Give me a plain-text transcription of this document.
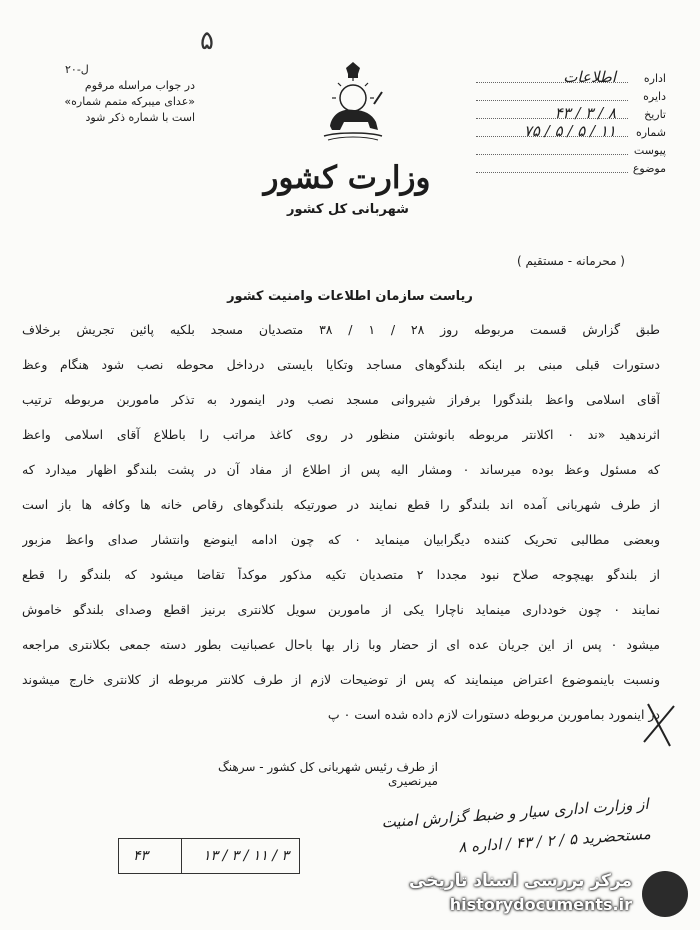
۵
ل-۲۰
در جواب مراسله مرقوم
«عدای میبرکه متمم شماره»
است با شماره ذکر شود
اداره
اطلاعات
دایره
تاریخ
۸ / ۳ / ۴۳
شماره
۱۱ / ۵ / ۵ / ۷۵
پیوست
موضوع
وزارت کشور
شهربانی کل کشور
( محرمانه - مستقیم )
ریاست سازمان اطلاعات وامنیت کشور
طبق گزارش قسمت مربوطه روز ۲۸ / ۱ / ۳۸ متصدیان مسجد بلکیه پائین تجریش برخلاف
دستورات قبلی مبنی بر اینکه بلندگوهای مساجد وتکایا بایستی درداخل محوطه نصب شود هنگام وعظ
آقای اسلامی واعظ بلندگورا برفراز شیروانی مسجد نصب ودر اینمورد به تذکر ماموربن مربوطه ترتیب
اثرندهید «ند ۰ اکلانتر مربوطه بانوشتن منظور در روی کاغذ مراتب را باطلاع آقای اسلامی واعظ
که مسئول وعظ بوده میرساند ۰ ومشار الیه پس از اطلاع از مفاد آن در پشت بلندگو اظهار میدارد که
از طرف شهربانی آمده اند بلندگو را قطع نمایند در صورتیکه بلندگوهای رقاص خانه ها وکافه ها باز است
وبعضی مطالبی تحریک کننده دیگرابیان مینماید ۰ که چون ادامه اینوضع وانتشار صدای واعظ مزبور
از بلندگو بهیچوجه صلاح نبود مجددا ۲ متصدیان تکیه مذکور موکداً تقاضا میشود که بلندگو را قطع
نمایند ۰ چون خودداری مینماید ناچارا یکی از ماموربن سویل کلانتری برنیز اقطع وصدای بلندگو خاموش
میشود ۰ پس از این جریان عده ای از حضار وبا زار بها باحال عصبانیت بطور دسته جمعی بکلانتری مراجعه
ونسبت باینموضوع اعتراض مینمایند که پس از توضیحات لازم از طرف کلانتر مربوطه از کلانتری خارج میشوند
در اینمورد بماموربن مربوطه دستورات لازم داده شده است ۰ پ
از طرف رئیس شهربانی کل کشور - سرهنگ میرنصیری
از وزارت اداری سیار و ضبط گزارش امنیت
مستحضرید ۵ / ۲ / ۴۳ / اداره ۸
۳ / ۱۱ / ۳ / ۱۳
۴۳
مرکز بررسی اسناد تاریخی
historydocuments.ir
